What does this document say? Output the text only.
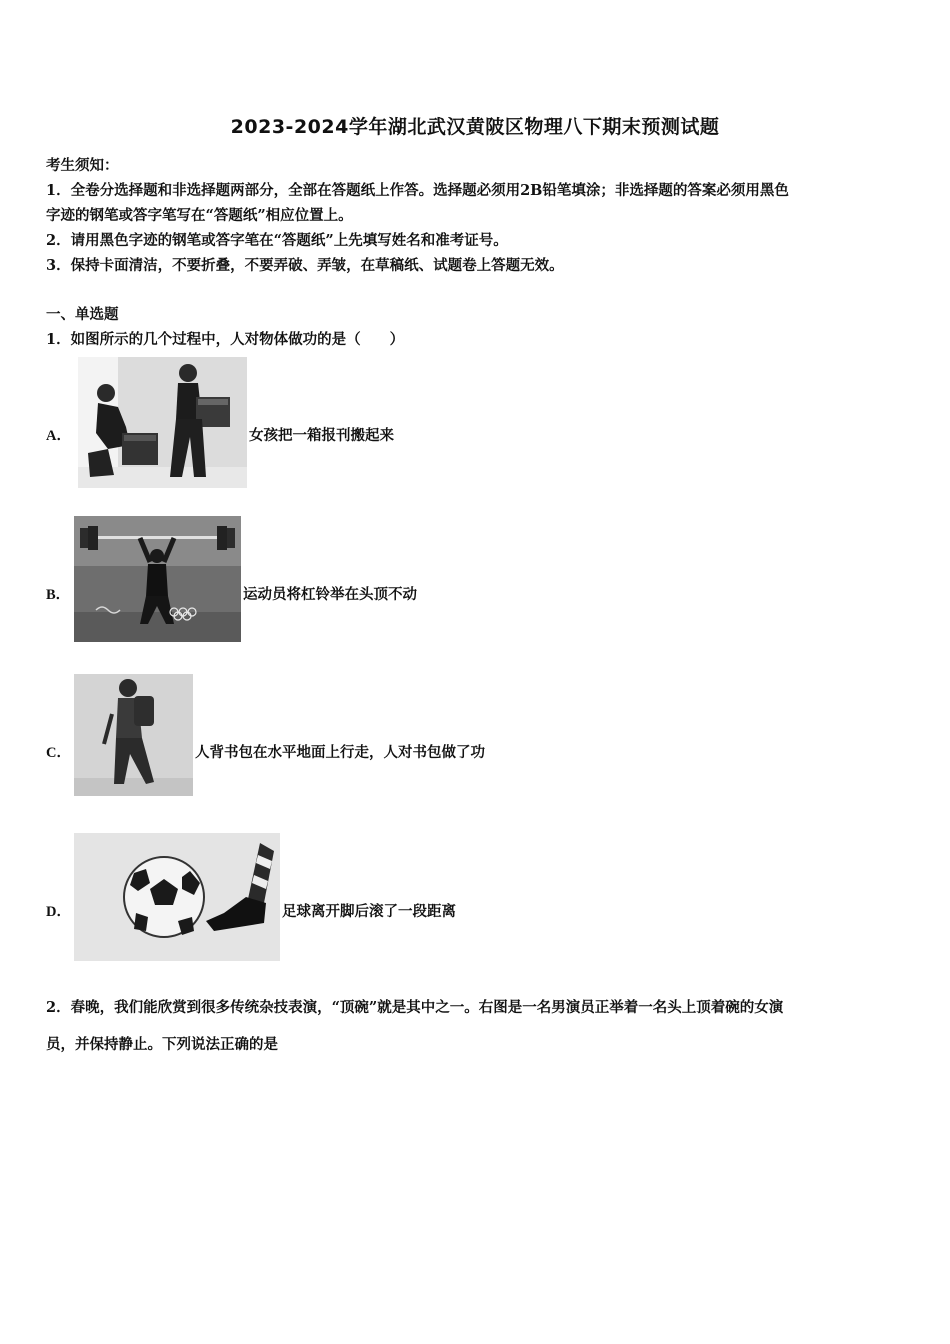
2023-2024学年湖北武汉黄陂区物理八下期末预测试题
考生须知：
1．全卷分选择题和非选择题两部分，全部在答题纸上作答。选择题必须用2B铅笔填涂；非选择题的答案必须用黑色
字迹的钢笔或答字笔写在“答题纸”相应位置上。
2．请用黑色字迹的钢笔或答字笔在“答题纸”上先填写姓名和准考证号。
3．保持卡面清洁，不要折叠，不要弄破、弄皱，在草稿纸、试题卷上答题无效。
一、单选题
1．如图所示的几个过程中，人对物体做功的是（　　）
A．	女孩把一箱报刊搬起来
B．	运动员将杠铃举在头顶不动
C．	人背书包在水平地面上行走，人对书包做了功
D．	足球离开脚后滚了一段距离
2．春晚，我们能欣赏到很多传统杂技表演，“顶碗”就是其中之一。右图是一名男演员正举着一名头上顶着碗的女演
员，并保持静止。下列说法正确的是
